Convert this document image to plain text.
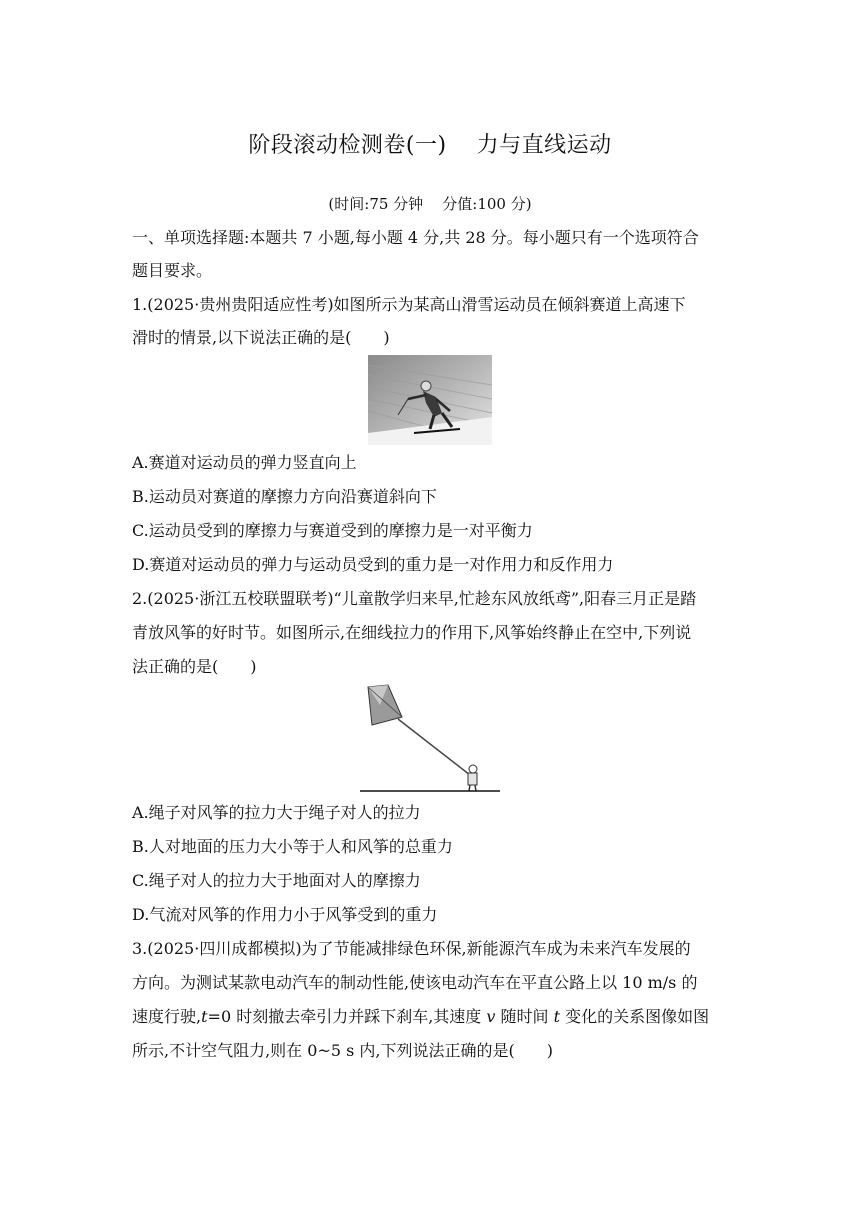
阶段滚动检测卷(一) 力与直线运动
(时间:75 分钟 分值:100 分)
一、单项选择题:本题共 7 小题,每小题 4 分,共 28 分。每小题只有一个选项符合
题目要求。
1.(2025·贵州贵阳适应性考)如图所示为某高山滑雪运动员在倾斜赛道上高速下
滑时的情景,以下说法正确的是(　　)
A.赛道对运动员的弹力竖直向上
B.运动员对赛道的摩擦力方向沿赛道斜向下
C.运动员受到的摩擦力与赛道受到的摩擦力是一对平衡力
D.赛道对运动员的弹力与运动员受到的重力是一对作用力和反作用力
2.(2025·浙江五校联盟联考)“儿童散学归来早,忙趁东风放纸鸢”,阳春三月正是踏
青放风筝的好时节。如图所示,在细线拉力的作用下,风筝始终静止在空中,下列说
法正确的是(　　)
A.绳子对风筝的拉力大于绳子对人的拉力
B.人对地面的压力大小等于人和风筝的总重力
C.绳子对人的拉力大于地面对人的摩擦力
D.气流对风筝的作用力小于风筝受到的重力
3.(2025·四川成都模拟)为了节能减排绿色环保,新能源汽车成为未来汽车发展的
方向。为测试某款电动汽车的制动性能,使该电动汽车在平直公路上以 10 m/s 的
速度行驶,t=0 时刻撤去牵引力并踩下刹车,其速度 v 随时间 t 变化的关系图像如图
所示,不计空气阻力,则在 0~5 s 内,下列说法正确的是(　　)
